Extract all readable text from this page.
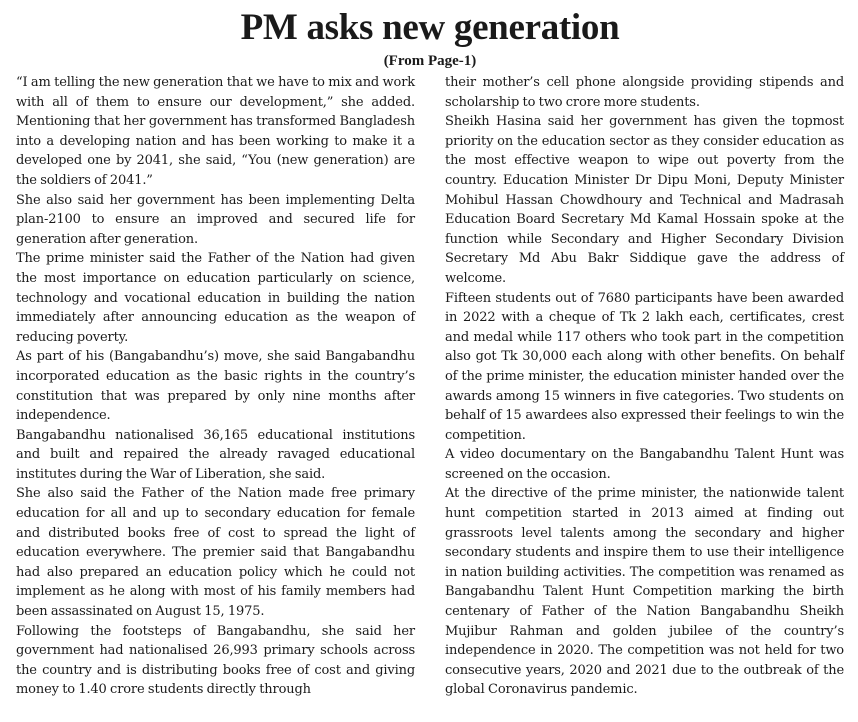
PM asks new generation
(From Page-1)

“I am telling the new generation that we have to mix and work with all of them to ensure our development,” she added. Mentioning that her government has transformed Bangladesh into a developing nation and has been working to make it a developed one by 2041, she said, “You (new generation) are the soldiers of 2041.”

She also said her government has been implementing Delta plan-2100 to ensure an improved and secured life for generation after generation.

The prime minister said the Father of the Nation had given the most importance on education particularly on science, technology and vocational education in building the nation immediately after announcing education as the weapon of reducing poverty.

As part of his (Bangabandhu’s) move, she said Bangabandhu incorporated education as the basic rights in the country’s constitution that was prepared by only nine months after independence.

Bangabandhu nationalised 36,165 educational institutions and built and repaired the already ravaged educational institutes during the War of Liberation, she said.

She also said the Father of the Nation made free primary education for all and up to secondary education for female and distributed books free of cost to spread the light of education everywhere. The premier said that Bangabandhu had also prepared an education policy which he could not implement as he along with most of his family members had been assassinated on August 15, 1975.

Following the footsteps of Bangabandhu, she said her government had nationalised 26,993 primary schools across the country and is distributing books free of cost and giving money to 1.40 crore students directly through

their mother’s cell phone alongside providing stipends and scholarship to two crore more students.

Sheikh Hasina said her government has given the topmost priority on the education sector as they consider education as the most effective weapon to wipe out poverty from the country. Education Minister Dr Dipu Moni, Deputy Minister Mohibul Hassan Chowdhoury and Technical and Madrasah Education Board Secretary Md Kamal Hossain spoke at the function while Secondary and Higher Secondary Division Secretary Md Abu Bakr Siddique gave the address of welcome.

Fifteen students out of 7680 participants have been awarded in 2022 with a cheque of Tk 2 lakh each, certificates, crest and medal while 117 others who took part in the competition also got Tk 30,000 each along with other benefits. On behalf of the prime minister, the education minister handed over the awards among 15 winners in five categories. Two students on behalf of 15 awardees also expressed their feelings to win the competition.

A video documentary on the Bangabandhu Talent Hunt was screened on the occasion.

At the directive of the prime minister, the nationwide talent hunt competition started in 2013 aimed at finding out grassroots level talents among the secondary and higher secondary students and inspire them to use their intelligence in nation building activities. The competition was renamed as Bangabandhu Talent Hunt Competition marking the birth centenary of Father of the Nation Bangabandhu Sheikh Mujibur Rahman and golden jubilee of the country’s independence in 2020. The competition was not held for two consecutive years, 2020 and 2021 due to the outbreak of the global Coronavirus pandemic.
